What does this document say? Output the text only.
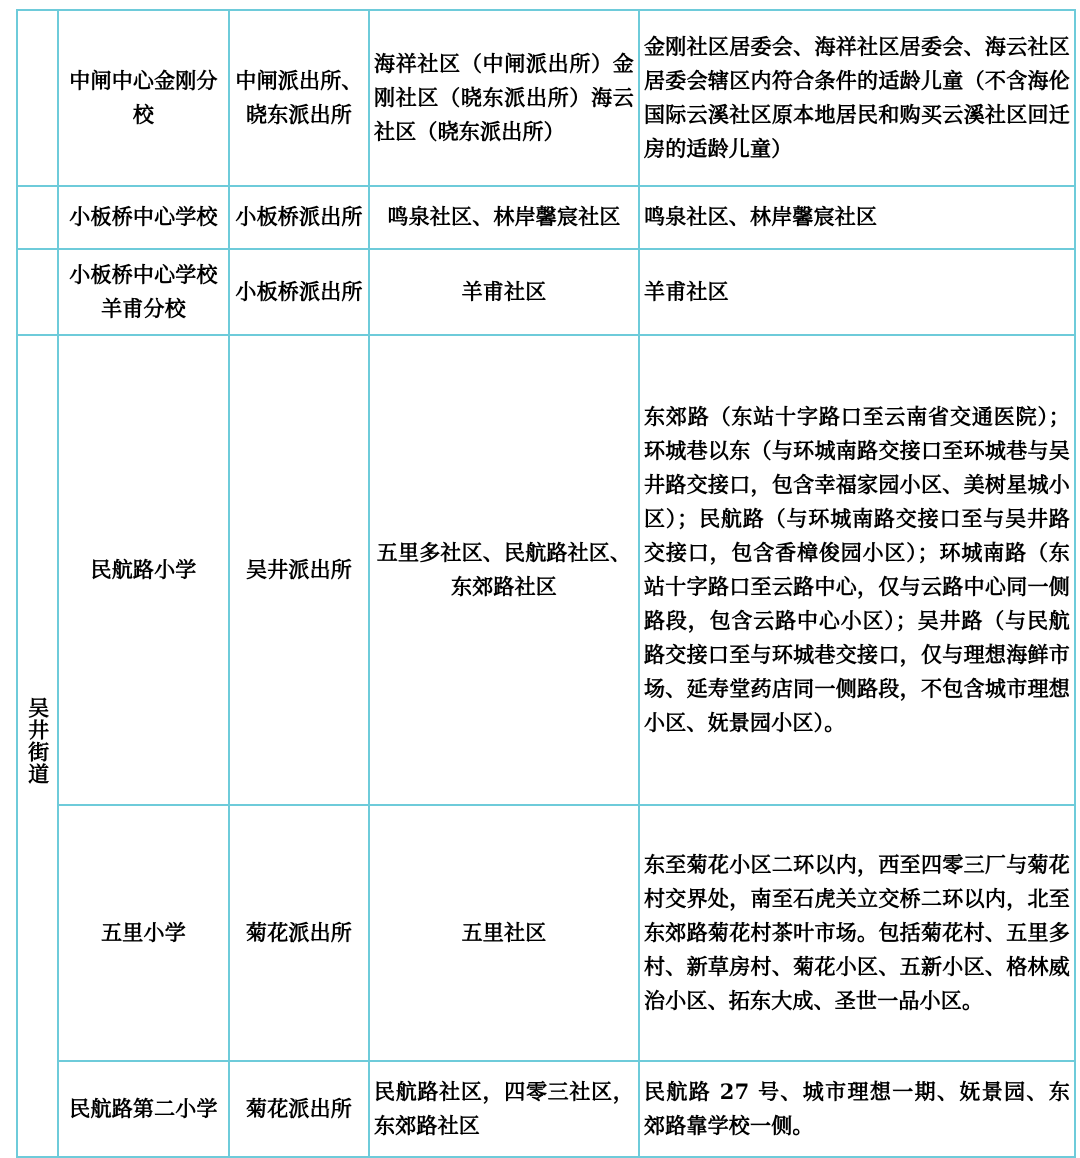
	中闸中心金刚分校	中闸派出所、晓东派出所	海祥社区（中闸派出所）金刚社区（晓东派出所）海云社区（晓东派出所）	金刚社区居委会、海祥社区居委会、海云社区居委会辖区内符合条件的适龄儿童（不含海伦国际云溪社区原本地居民和购买云溪社区回迁房的适龄儿童）
	小板桥中心学校	小板桥派出所	鸣泉社区、林岸馨宸社区	鸣泉社区、林岸馨宸社区
	小板桥中心学校羊甫分校	小板桥派出所	羊甫社区	羊甫社区
吴井街道	民航路小学	吴井派出所	五里多社区、民航路社区、东郊路社区	东郊路（东站十字路口至云南省交通医院）；环城巷以东（与环城南路交接口至环城巷与吴井路交接口，包含幸福家园小区、美树星城小区）；民航路（与环城南路交接口至与吴井路交接口，包含香樟俊园小区）；环城南路（东站十字路口至云路中心，仅与云路中心同一侧路段，包含云路中心小区）；吴井路（与民航路交接口至与环城巷交接口，仅与理想海鲜市场、延寿堂药店同一侧路段，不包含城市理想小区、妩景园小区）。
	五里小学	菊花派出所	五里社区	东至菊花小区二环以内，西至四零三厂与菊花村交界处，南至石虎关立交桥二环以内，北至东郊路菊花村茶叶市场。包括菊花村、五里多村、新草房村、菊花小区、五新小区、格林威治小区、拓东大成、圣世一品小区。
	民航路第二小学	菊花派出所	民航路社区，四零三社区，东郊路社区	民航路 27 号、城市理想一期、妩景园、东郊路靠学校一侧。
